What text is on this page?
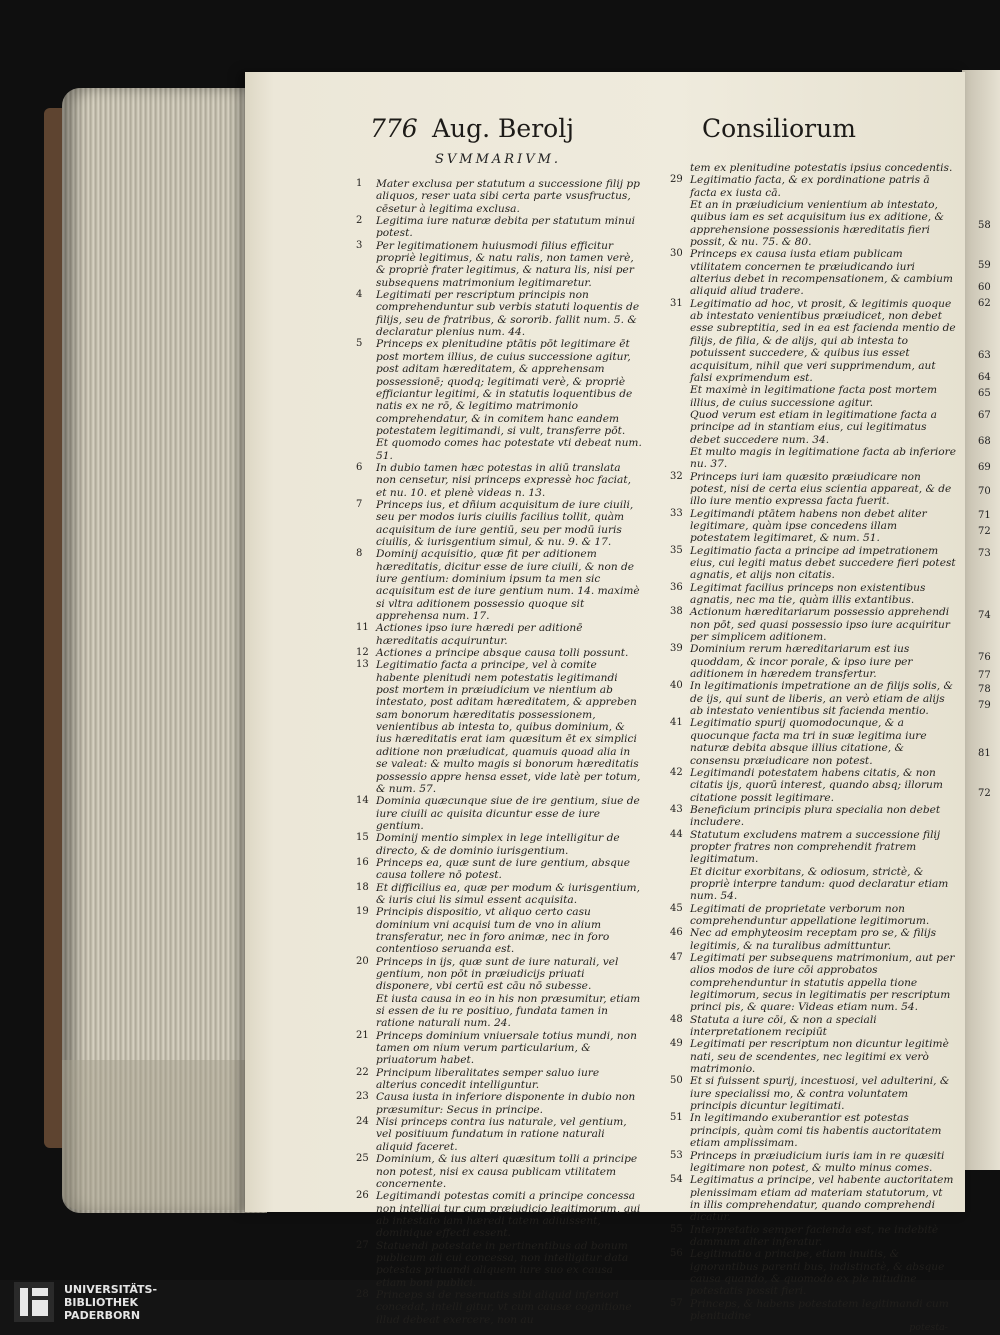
58
59
60
62
63
64
65
67
68
69
70
71
72
73
74
76
77
78
79
81
72
776 Aug. Berolj	Consiliorum
SVMMARIVM.
1	Mater exclusa per statutum a successione filij pp aliquos, reser uata sibi certa parte vsusfructus, cēsetur à legitima exclusa.
2	Legitima iure naturæ debita per statutum minui potest.
3	Per legitimationem huiusmodi filius efficitur propriè legitimus, & natu ralis, non tamen verè, & propriè frater legitimus, & natura lis, nisi per subsequens matrimonium legitimaretur.
4	Legitimati per rescriptum principis non comprehenduntur sub verbis statuti loquentis de filijs, seu de fratribus, & sororib. fallit num. 5. & declaratur plenius num. 44.
5	Princeps ex plenitudine ptātis pōt legitimare ēt post mortem illius, de cuius successione agitur, post aditam hæreditatem, & apprehensam possessionē; quodq; legitimati verè, & propriè efficiantur legitimi, & in statutis loquentibus de natis ex ne rō, & legitimo matrimonio comprehendatur, & in comitem hanc eandem potestatem legitimandi, si vult, transferre pōt.
Et quomodo comes hac potestate vti debeat num. 51.
6	In dubio tamen hæc potestas in aliū translata non censetur, nisi princeps expressè hoc faciat, et nu. 10. et plenè videas n. 13.
7	Princeps ius, et dñium acquisitum de iure ciuili, seu per modos iuris ciuilis facilius tollit, quàm acquisitum de iure gentiū, seu per modū iuris ciuilis, & iurisgentium simul, & nu. 9. & 17.
8	Dominij acquisitio, quæ fit per aditionem hæreditatis, dicitur esse de iure ciuili, & non de iure gentium: dominium ipsum ta men sic acquisitum est de iure gentium num. 14. maximè si vltra aditionem possessio quoque sit apprehensa num. 17.
11 Actiones ipso iure hæredi per aditionē hæreditatis acquiruntur.
12 Actiones a principe absque causa tolli possunt.
13 Legitimatio facta a principe, vel à comite habente plenitudi nem potestatis legitimandi post mortem in præiudicium ve nientium ab intestato, post aditam hæreditatem, & appreben sam bonorum hæreditatis possessionem, venientibus ab intesta to, quibus dominium, & ius hæreditatis erat iam quæsitum ēt ex simplici aditione non præiudicat, quamuis quoad alia in se valeat: & multo magis si bonorum hæreditatis possessio appre hensa esset, vide latè per totum, & num. 57.
14 Dominia quæcunque siue de ire gentium, siue de iure ciuili ac quisita dicuntur esse de iure gentium.
15 Dominij mentio simplex in lege intelligitur de directo, & de dominio iurisgentium.
16 Princeps ea, quæ sunt de iure gentium, absque causa tollere nō potest.
18 Et difficilius ea, quæ per modum & iurisgentium, & iuris ciui lis simul essent acquisita.
19 Principis dispositio, vt aliquo certo casu dominium vni acquisi tum de vno in alium transferatur, nec in foro animæ, nec in foro contentioso seruanda est.
20 Princeps in ijs, quæ sunt de iure naturali, vel gentium, non pōt in præiudicijs priuati disponere, vbi certū est cāu nō subesse.
Et iusta causa in eo in his non præsumitur, etiam si essen de iu re positiuo, fundata tamen in ratione naturali num. 24.
21 Princeps dominium vniuersale totius mundi, non tamen om nium verum particularium, & priuatorum habet.
22 Principum liberalitates semper saluo iure alterius concedit intelliguntur.
23 Causa iusta in inferiore disponente in dubio non præsumitur: Secus in principe.
24 Nisi princeps contra ius naturale, vel gentium, vel positiuum fundatum in ratione naturali aliquid faceret.
25 Dominium, & ius alteri quæsitum tolli a principe non potest, nisi ex causa publicam vtilitatem concernente.
26 Legitimandi potestas comiti a principe concessa non intelligi tur cum præiudicio legitimorum, qui ab intestato iam hæredi tatem adiuissent, dominique effecti essent.
27 Statuendi potestate in pertinentibus ad bonum publicum ali cui concessa, non intelligitur data potestas priuandi aliquem iure suo ex causa etiam boni publici.
28 Princeps si de reseruatis sibi aliquid inferiori concedat, intelli gitur, vt cum causæ cognitione illud debeat exercere, non au
tem ex plenitudine potestatis ipsius concedentis.
29 Legitimatio facta, & ex pordinatione patris ā facta ex iusta cā.
Et an in præiudicium venientium ab intestato, quibus iam es set acquisitum ius ex aditione, & apprehensione possessionis hæreditatis fieri possit, & nu. 75. & 80.
30 Princeps ex causa iusta etiam publicam vtilitatem concernen te præiudicando iuri alterius debet in recompensationem, & cambium aliquid aliud tradere.
31 Legitimatio ad hoc, vt prosit, & legitimis quoque ab intestato venientibus præiudicet, non debet esse subreptitia, sed in ea est facienda mentio de filijs, de filia, & de alijs, qui ab intesta to potuissent succedere, & quibus ius esset acquisitum, nihil que veri supprimendum, aut falsi exprimendum est.
Et maximè in legitimatione facta post mortem illius, de cuius successione agitur.
Quod verum est etiam in legitimatione facta a principe ad in stantiam eius, cui legitimatus debet succedere num. 34.
Et multo magis in legitimatione facta ab inferiore nu. 37.
32 Princeps iuri iam quæsito præiudicare non potest, nisi de certa eius scientia appareat, & de illo iure mentio expressa facta fuerit.
33 Legitimandi ptātem habens non debet aliter legitimare, quàm ipse concedens illam potestatem legitimaret, & num. 51.
35 Legitimatio facta a principe ad impetrationem eius, cui legiti matus debet succedere fieri potest agnatis, et alijs non citatis.
36 Legitimat facilius princeps non existentibus agnatis, nec ma tie, quàm illis extantibus.
38 Actionum hæreditariarum possessio apprehendi non pōt, sed quasi possessio ipso iure acquiritur per simplicem aditionem.
39 Dominium rerum hæreditariarum est ius quoddam, & incor porale, & ipso iure per aditionem in hæredem transfertur.
40 In legitimationis impetratione an de filijs solis, & de ijs, qui sunt de liberis, an verò etiam de alijs ab intestato venientibus sit facienda mentio.
41 Legitimatio spurij quomodocunque, & a quocunque facta ma tri in suæ legitima iure naturæ debita absque illius citatione, & consensu præiudicare non potest.
42 Legitimandi potestatem habens citatis, & non citatis ijs, quorū interest, quando absq; illorum citatione possit legitimare.
43 Beneficium principis plura specialia non debet includere.
44 Statutum excludens matrem a successione filij propter fratres non comprehendit fratrem legitimatum.
Et dicitur exorbitans, & odiosum, strictè, & propriè interpre tandum: quod declaratur etiam num. 54.
45 Legitimati de proprietate verborum non comprehenduntur appellatione legitimorum.
46 Nec ad emphyteosim receptam pro se, & filijs legitimis, & na turalibus admittuntur.
47 Legitimati per subsequens matrimonium, aut per alios modos de iure cōi approbatos comprehenduntur in statutis appella tione legitimorum, secus in legitimatis per rescriptum princi pis, & quare: Videas etiam num. 54.
48 Statuta a iure cōi, & non a speciali interpretationem recipiūt
49 Legitimati per rescriptum non dicuntur legitimè nati, seu de scendentes, nec legitimi ex verò matrimonio.
50 Et si fuissent spurij, incestuosi, vel adulterini, & iure specialissi mo, & contra voluntatem principis dicuntur legitimati.
51 In legitimando exuberantior est potestas principis, quàm comi tis habentis auctoritatem etiam amplissimam.
53 Princeps in præiudicium iuris iam in re quæsiti legitimare non potest, & multo minus comes.
54 Legitimatus a principe, vel habente auctoritatem plenissimam etiam ad materiam statutorum, vt in illis comprehendatur, quando comprehendi dicatur.
55 Interpretatio semper facienda est, ne indebitè dammum alter inferatur.
56 Legitimatio a principe, etiam inuitis, & ignorantibus parenti bus, indistinctè, & absque causa quando, & quomodo ex ple nitudine potestatis possit fieri.
57 Princeps, & habens potestatem legitimandi cum plenitudine
potesta-
UNIVERSITÄTS-
BIBLIOTHEK
PADERBORN
